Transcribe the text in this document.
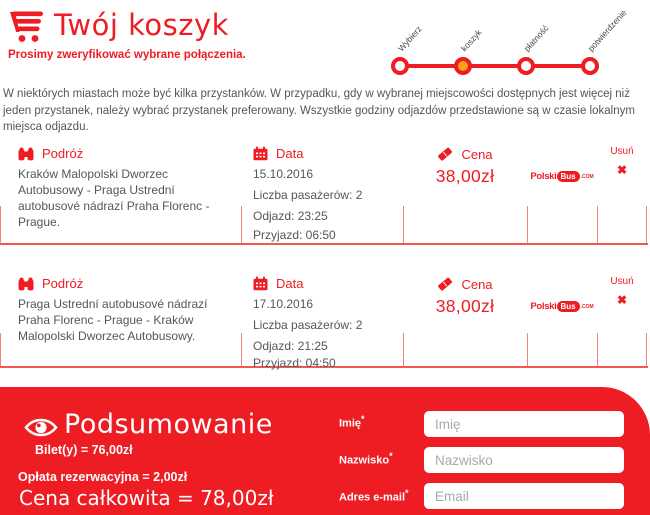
Twój koszyk
Prosimy zweryfikować wybrane połączenia.
Wybierz	koszyk	płatność	potwierdzenie

W niektórych miastach może być kilka przystanków. W przypadku, gdy w wybranej miejscowości dostępnych jest więcej niż jeden przystanek, należy wybrać przystanek preferowany. Wszystkie godziny odjazdów przedstawione są w czasie lokalnym miejsca odjazdu.

Podróż
Kraków Malopolski Dworzec Autobusowy - Praga Ustrední autobusové nádrazí Praha Florenc - Prague.
Data
15.10.2016
Liczba pasażerów: 2
Odjazd: 23:25
Przyjazd: 06:50
Cena
38,00zł	Polski Bus	.COM
Usuń
✖
Podróż
Praga Ustrední autobusové nádrazí Praha Florenc - Prague - Kraków Malopolski Dworzec Autobusowy.
Data
17.10.2016
Liczba pasażerów: 2
Odjazd: 21:25
Przyjazd: 04:50
Cena
38,00zł	Polski Bus	.COM
Usuń
✖
Podsumowanie
Bilet(y) = 76,00zł
Opłata rezerwacyjna = 2,00zł
Cena całkowita = 78,00zł
Imię*
Imię
Nazwisko*
Nazwisko
Adres e-mail*
Email
